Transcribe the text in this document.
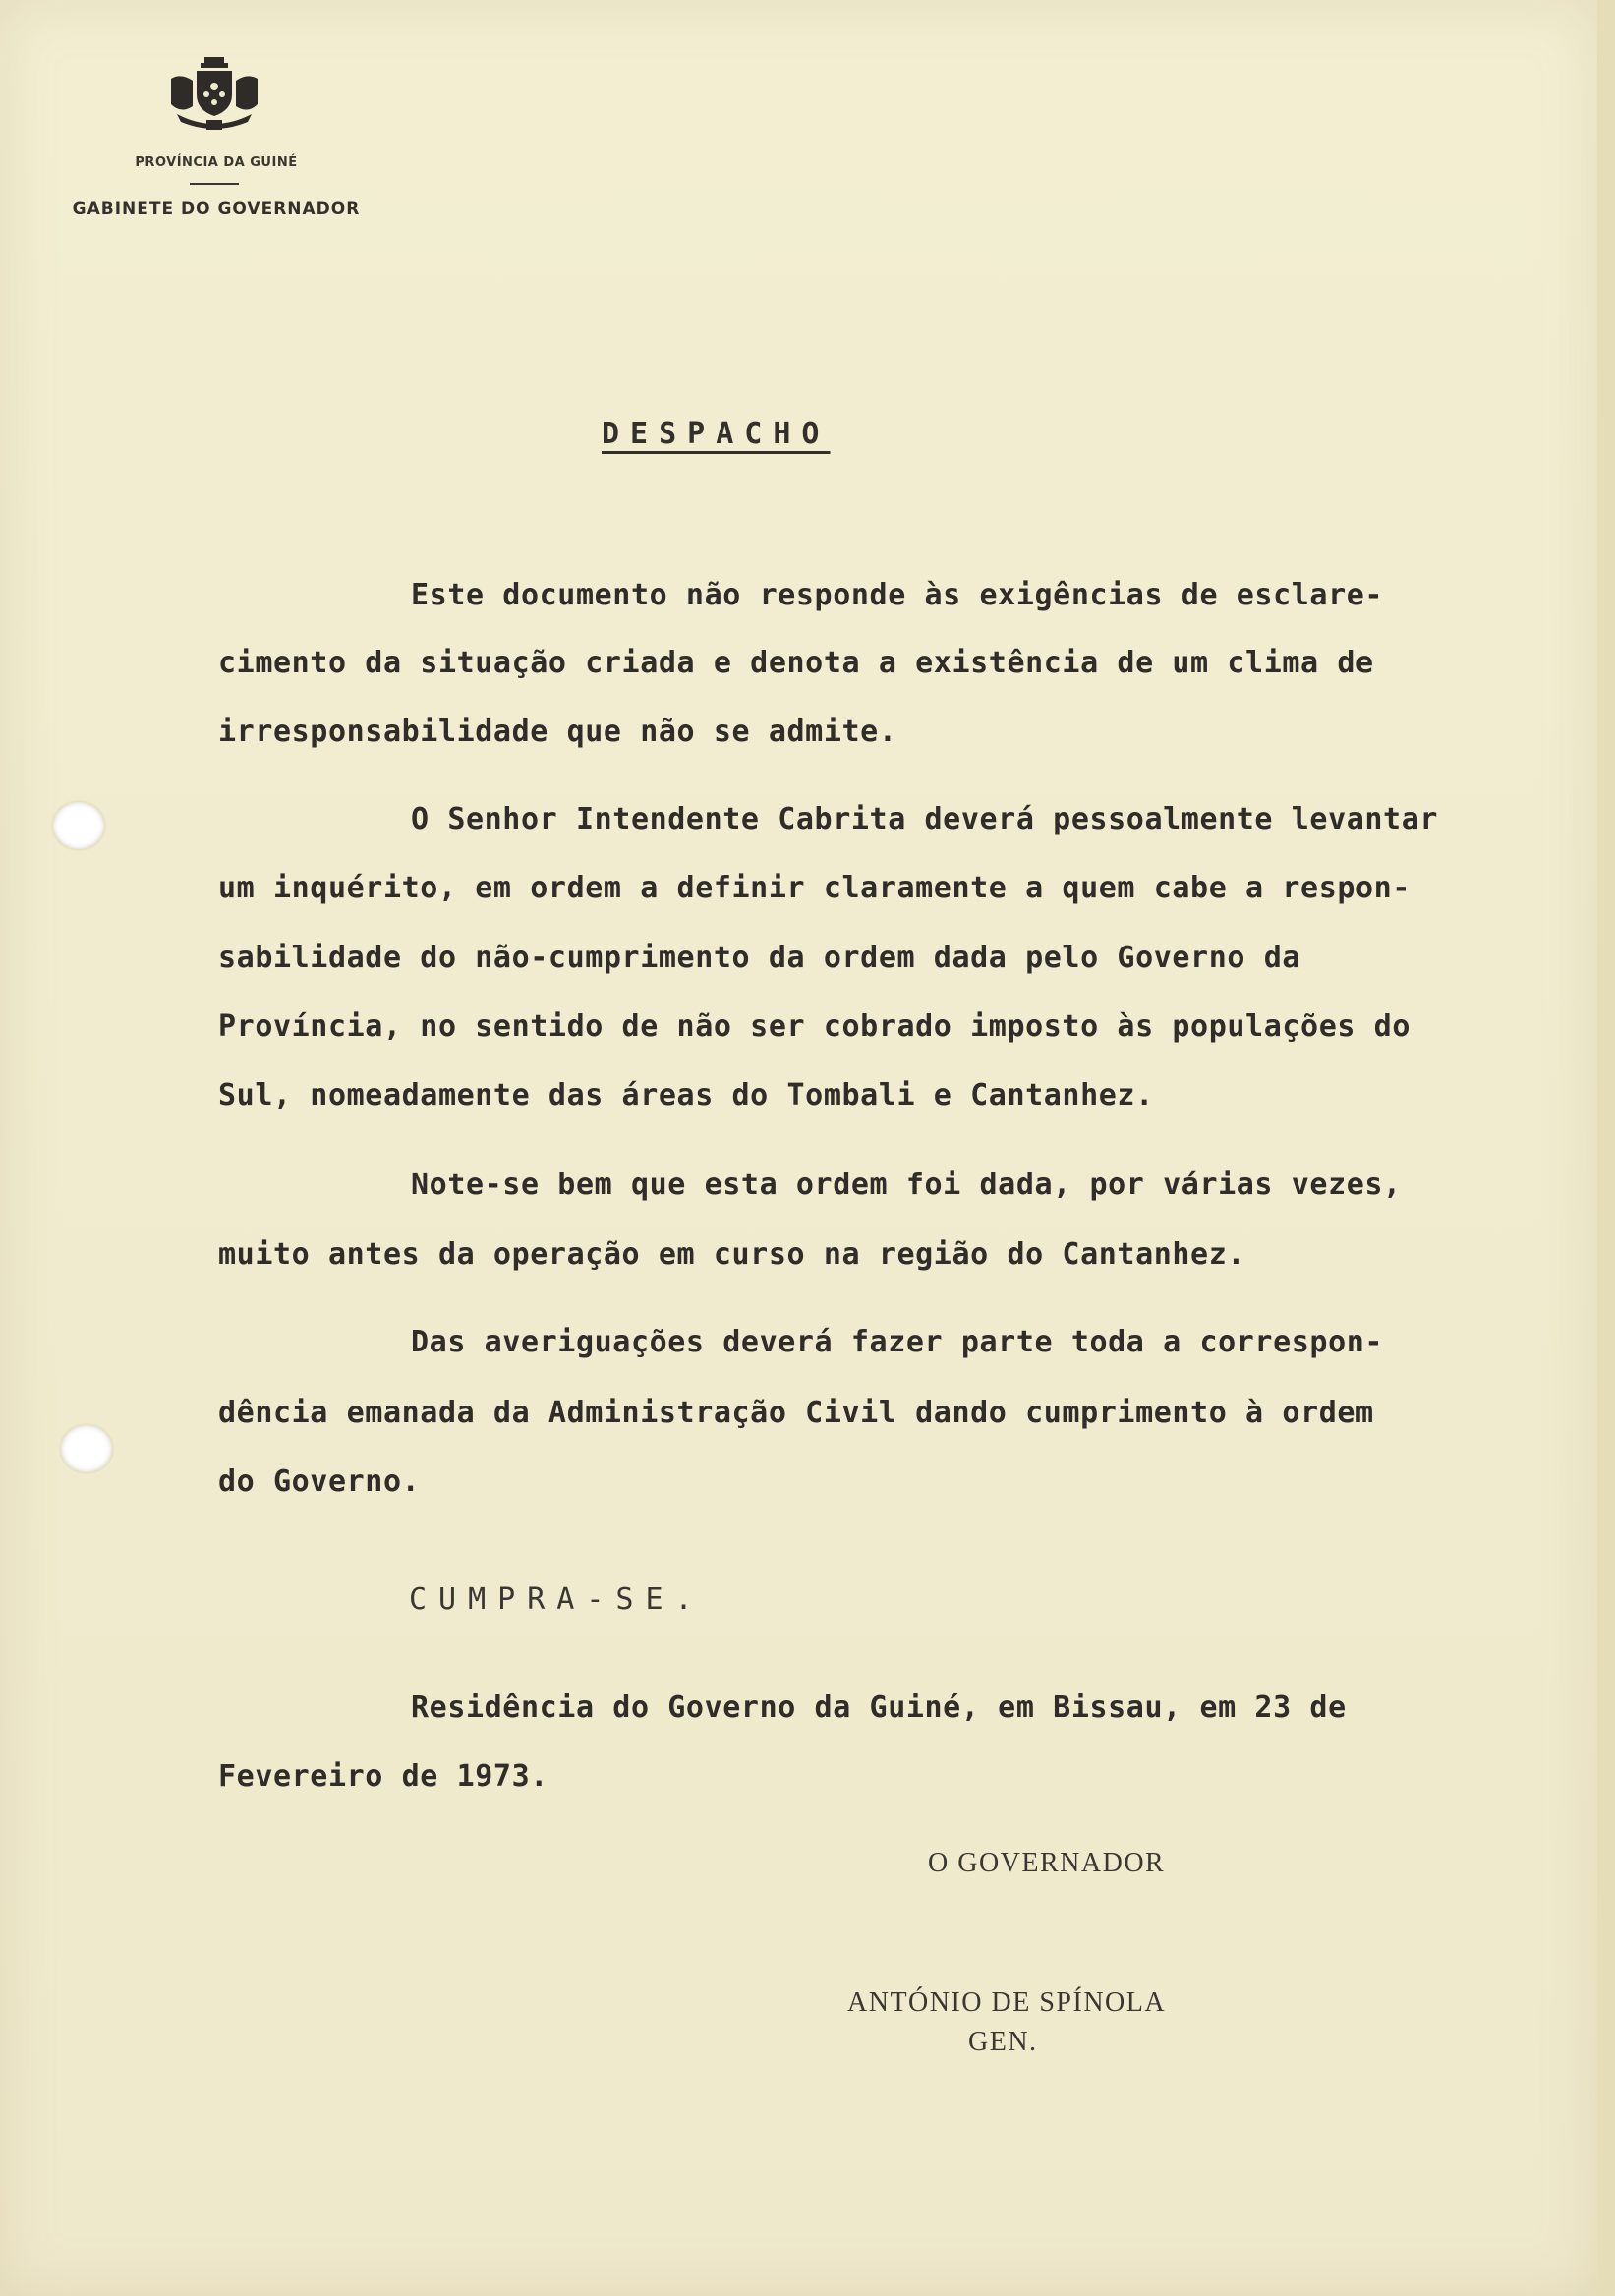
PROVÍNCIA DA GUINÉ
GABINETE DO GOVERNADOR
DESPACHO
Este documento não responde às exigências de esclare-
cimento da situação criada e denota a existência de um clima de
irresponsabilidade que não se admite.
O Senhor Intendente Cabrita deverá pessoalmente levantar
um inquérito, em ordem a definir claramente a quem cabe a respon-
sabilidade do não-cumprimento da ordem dada pelo Governo da
Província, no sentido de não ser cobrado imposto às populações do
Sul, nomeadamente das áreas do Tombali e Cantanhez.
Note-se bem que esta ordem foi dada, por várias vezes,
muito antes da operação em curso na região do Cantanhez.
Das averiguações deverá fazer parte toda a correspon-
dência emanada da Administração Civil dando cumprimento à ordem
do Governo.
CUMPRA-SE.
Residência do Governo da Guiné, em Bissau, em 23 de
Fevereiro de 1973.
O GOVERNADOR
ANTÓNIO DE SPÍNOLA
GEN.
